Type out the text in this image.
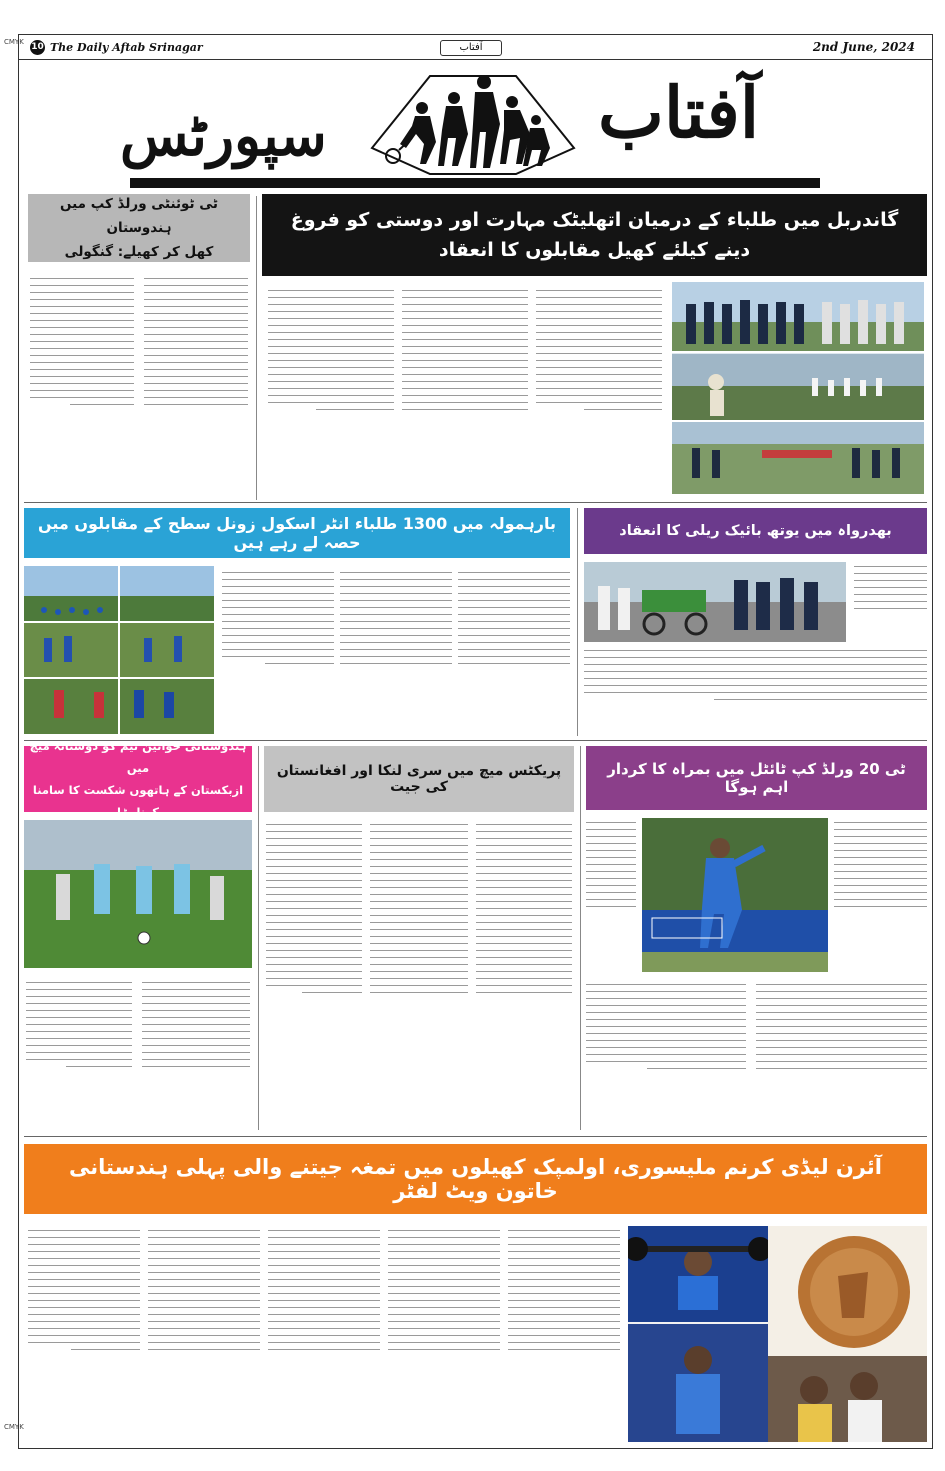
CMYK
CMYK
10 The Daily Aftab Srinagar	آفتاب	2nd June, 2024
سپورٹس	آفتاب
ٹی ٹوئنٹی ورلڈ کپ میں ہندوستان
کھل کر کھیلے: گنگولی
گاندربل میں طلباء کے درمیان اتھلیٹک مہارت اور دوستی کو فروغ دینے کیلئے کھیل مقابلوں کا انعقاد
بارہمولہ میں 1300 طلباء انٹر اسکول زونل سطح کے مقابلوں میں حصہ لے رہے ہیں
بھدرواہ میں یوتھ بائیک ریلی کا انعقاد
ہندوستانی خواتین ٹیم کو دوستانہ میچ میں
ازبکستان کے ہاتھوں شکست کا سامنا کرنا پڑا
پریکٹس میچ میں سری لنکا اور افغانستان کی جیت
ٹی 20 ورلڈ کپ ٹائٹل میں بمراہ کا کردار اہم ہوگا
آئرن لیڈی کرنم ملیسوری، اولمپک کھیلوں میں تمغہ جیتنے والی پہلی ہندستانی خاتون ویٹ لفٹر
